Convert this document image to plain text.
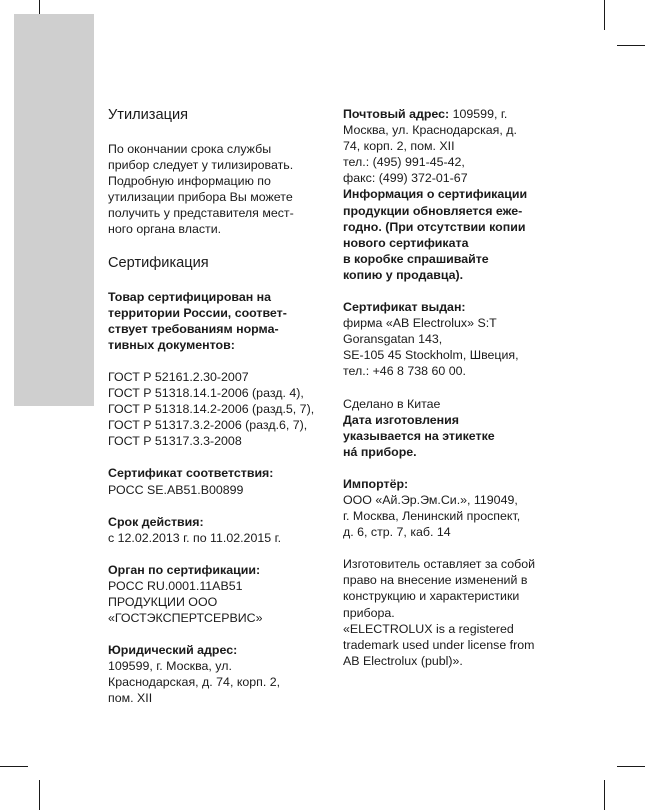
Утилизация

По окончании срока службы
прибор следует у тилизировать.
Подробную информацию по
утилизации прибора Вы можете
получить у представителя мест-
ного органа власти.

Сертификация

Товар сертифицирован на
территории России, соответ-
ствует требованиям норма-
тивных документов:

ГОСТ Р 52161.2.30-2007
ГОСТ Р 51318.14.1-2006 (разд. 4),
ГОСТ Р 51318.14.2-2006 (разд.5, 7),
ГОСТ Р 51317.3.2-2006 (разд.6, 7),
ГОСТ Р 51317.3.3-2008
Сертификат соответствия:
РОСС SE.АВ51.В00899
Срок действия:
с 12.02.2013 г. по 11.02.2015 г.
Орган по сертификации:
РОСС RU.0001.11АВ51
ПРОДУКЦИИ ООО
«ГОСТЭКСПЕРТСЕРВИС»
Юридический адрес:
109599, г. Москва, ул.
Краснодарская, д. 74, корп. 2,
пом. XII
Почтовый адрес: 109599, г.
Москва, ул. Краснодарская, д.
74, корп. 2, пом. XII
тел.: (495) 991-45-42,
факс: (499) 372-01-67
Информация о сертификации
продукции обновляется еже-
годно. (При отсутствии копии
нового сертификата
в коробке спрашивайте
копию у продавца).
Сертификат выдан:
фирма «AB Electrolux» S:T
Goransgatan 143,
SE-105 45 Stockholm, Швеция,
тел.: +46 8 738 60 00.
Сделано в Китае
Дата изготовления
указывается на этикетке
нá приборе.
Импортёр:
ООО «Ай.Эр.Эм.Си.», 119049,
г. Москва, Ленинский проспект,
д. 6, стр. 7, каб. 14
Изготовитель оставляет за собой
право на внесение изменений в
конструкцию и характеристики
прибора.
«ELECTROLUX is a registered
trademark used under license from
AB Electrolux (publ)».
